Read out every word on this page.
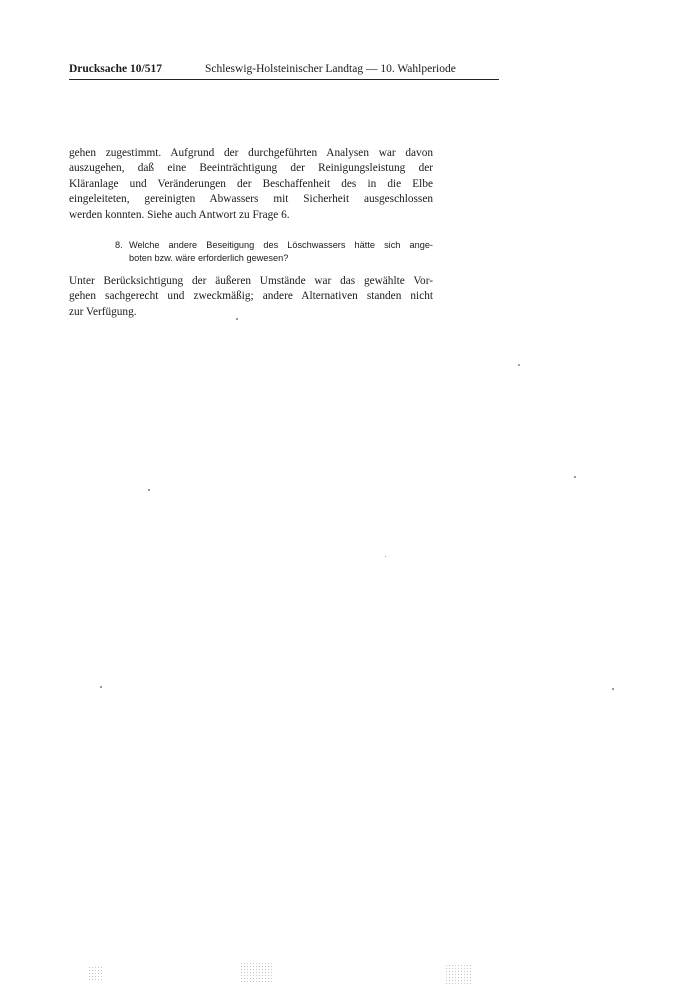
Drucksache 10/517	Schleswig-Holsteinischer Landtag — 10. Wahlperiode
gehen zugestimmt. Aufgrund der durchgeführten Analysen war davon
auszugehen, daß eine Beeinträchtigung der Reinigungsleistung der
Kläranlage und Veränderungen der Beschaffenheit des in die Elbe
eingeleiteten, gereinigten Abwassers mit Sicherheit ausgeschlossen
werden konnten. Siehe auch Antwort zu Frage 6.
8. Welche andere Beseitigung des Löschwassers hätte sich ange-
boten bzw. wäre erforderlich gewesen?
Unter Berücksichtigung der äußeren Umstände war das gewählte Vor-
gehen sachgerecht und zweckmäßig; andere Alternativen standen nicht
zur Verfügung.
